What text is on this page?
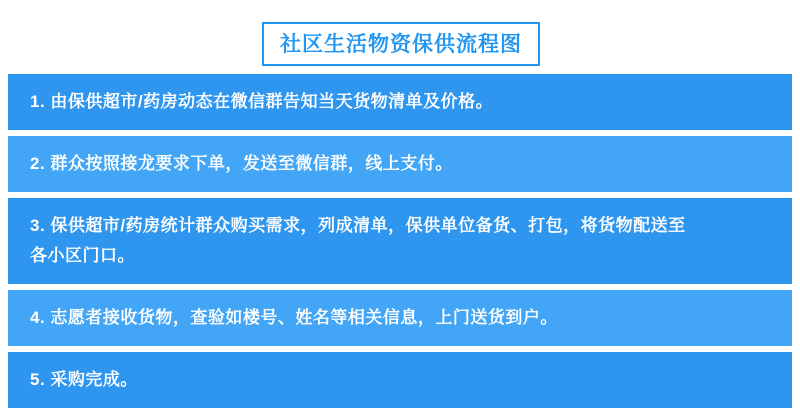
社区生活物资保供流程图
1. 由保供超市/药房动态在微信群告知当天货物清单及价格。
2. 群众按照接龙要求下单，发送至微信群，线上支付。
3. 保供超市/药房统计群众购买需求，列成清单，保供单位备货、打包，将货物配送至
各小区门口。
4. 志愿者接收货物，查验如楼号、姓名等相关信息，上门送货到户。
5. 采购完成。
